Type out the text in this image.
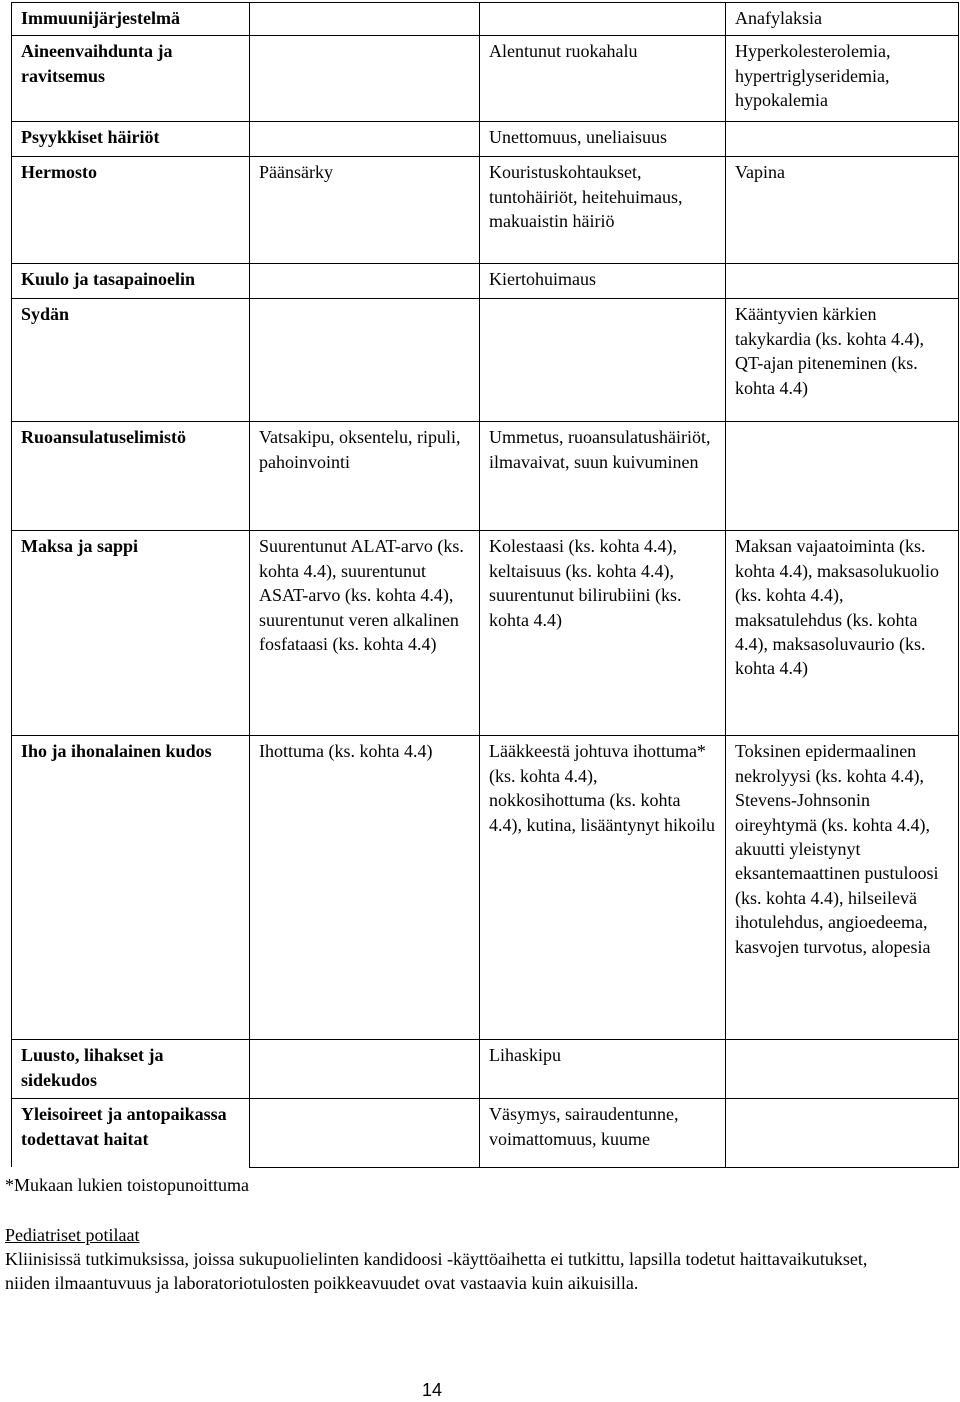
Immuunijärjestelmä			Anafylaksia
Aineenvaihdunta ja ravitsemus		Alentunut ruokahalu	Hyperkolesterolemia, hypertriglyseridemia, hypokalemia
Psyykkiset häiriöt		Unettomuus, uneliaisuus	
Hermosto	Päänsärky	Kouristuskohtaukset, tuntohäiriöt, heitehuimaus, makuaistin häiriö	Vapina
Kuulo ja tasapainoelin		Kiertohuimaus	
Sydän			Kääntyvien kärkien takykardia (ks. kohta 4.4), QT-ajan piteneminen (ks. kohta 4.4)
Ruoansulatuselimistö	Vatsakipu, oksentelu, ripuli, pahoinvointi	Ummetus, ruoansulatushäiriöt, ilmavaivat, suun kuivuminen	
Maksa ja sappi	Suurentunut ALAT-arvo (ks. kohta 4.4), suurentunut ASAT-arvo (ks. kohta 4.4), suurentunut veren alkalinen fosfataasi (ks. kohta 4.4)	Kolestaasi (ks. kohta 4.4), keltaisuus (ks. kohta 4.4), suurentunut bilirubiini (ks. kohta 4.4)	Maksan vajaatoiminta (ks. kohta 4.4), maksasolukuolio (ks. kohta 4.4), maksatulehdus (ks. kohta 4.4), maksasoluvaurio (ks. kohta 4.4)
Iho ja ihonalainen kudos	Ihottuma (ks. kohta 4.4)	Lääkkeestä johtuva ihottuma* (ks. kohta 4.4), nokkosihottuma (ks. kohta 4.4), kutina, lisääntynyt hikoilu	Toksinen epidermaalinen nekrolyysi (ks. kohta 4.4), Stevens-Johnsonin oireyhtymä (ks. kohta 4.4), akuutti yleistynyt eksantemaattinen pustuloosi (ks. kohta 4.4), hilseilevä ihotulehdus, angioedeema, kasvojen turvotus, alopesia
Luusto, lihakset ja sidekudos		Lihaskipu	
Yleisoireet ja antopaikassa todettavat haitat		Väsymys, sairaudentunne, voimattomuus, kuume	
*Mukaan lukien toistopunoittuma
Pediatriset potilaat
Kliinisissä tutkimuksissa, joissa sukupuolielinten kandidoosi -käyttöaihetta ei tutkittu, lapsilla todetut haittavaikutukset, niiden ilmaantuvuus ja laboratoriotulosten poikkeavuudet ovat vastaavia kuin aikuisilla.
14
